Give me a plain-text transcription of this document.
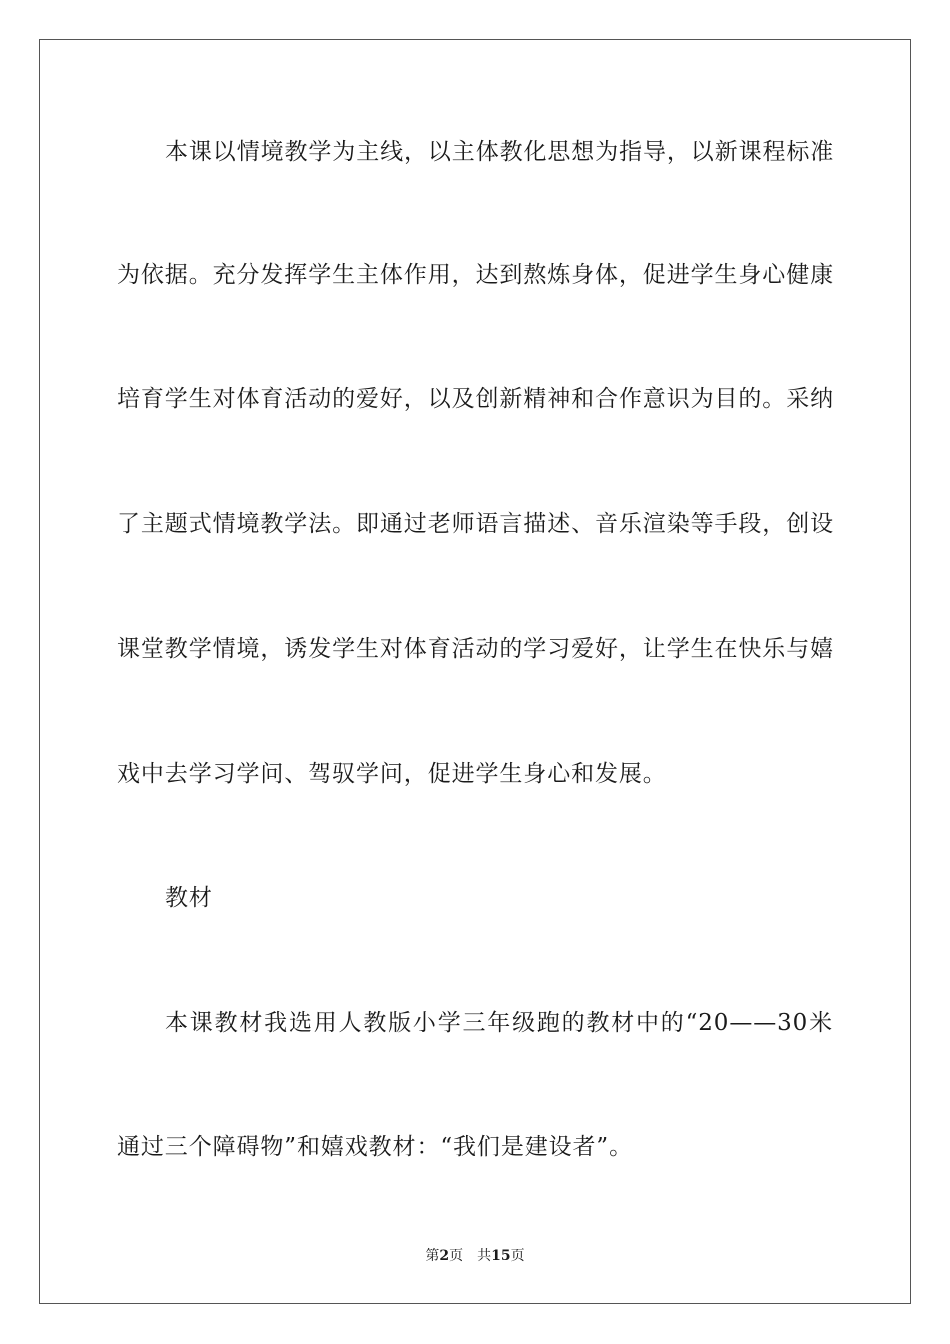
本课以情境教学为主线，以主体教化思想为指导，以新课程标准
为依据。充分发挥学生主体作用，达到熬炼身体，促进学生身心健康
培育学生对体育活动的爱好，以及创新精神和合作意识为目的。采纳
了主题式情境教学法。即通过老师语言描述、音乐渲染等手段，创设
课堂教学情境，诱发学生对体育活动的学习爱好，让学生在快乐与嬉
戏中去学习学问、驾驭学问，促进学生身心和发展。
教材
本课教材我选用人教版小学三年级跑的教材中的“20——30米
通过三个障碍物”和嬉戏教材：“我们是建设者”。
第2页 共15页
